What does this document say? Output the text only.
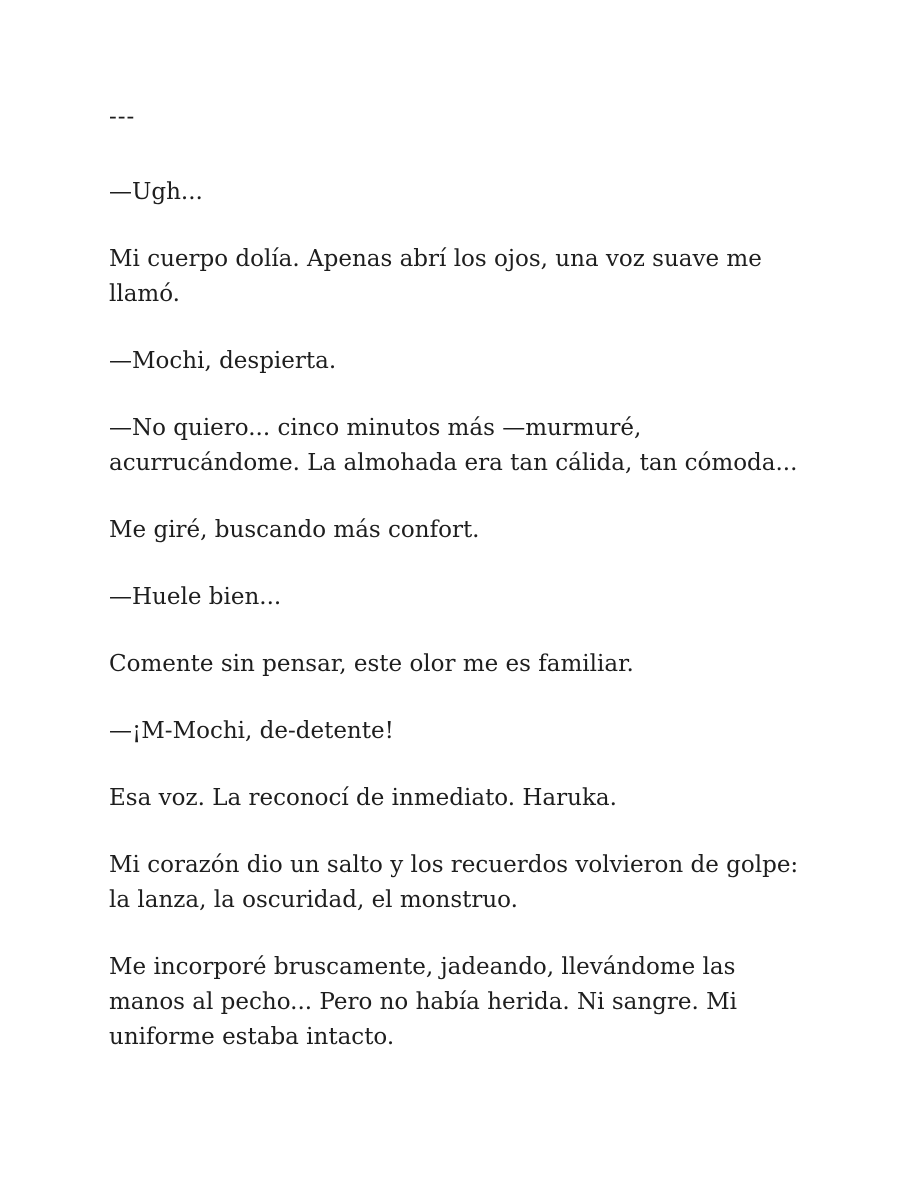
---

—Ugh...

Mi cuerpo dolía. Apenas abrí los ojos, una voz suave me llamó.

—Mochi, despierta.

—No quiero... cinco minutos más —murmuré, acurrucándome. La almohada era tan cálida, tan cómoda...

Me giré, buscando más confort.

—Huele bien...

Comente sin pensar, este olor me es familiar.

—¡M-Mochi, de-detente!

Esa voz. La reconocí de inmediato. Haruka.

Mi corazón dio un salto y los recuerdos volvieron de golpe: la lanza, la oscuridad, el monstruo.

Me incorporé bruscamente, jadeando, llevándome las manos al pecho... Pero no había herida. Ni sangre. Mi uniforme estaba intacto.
